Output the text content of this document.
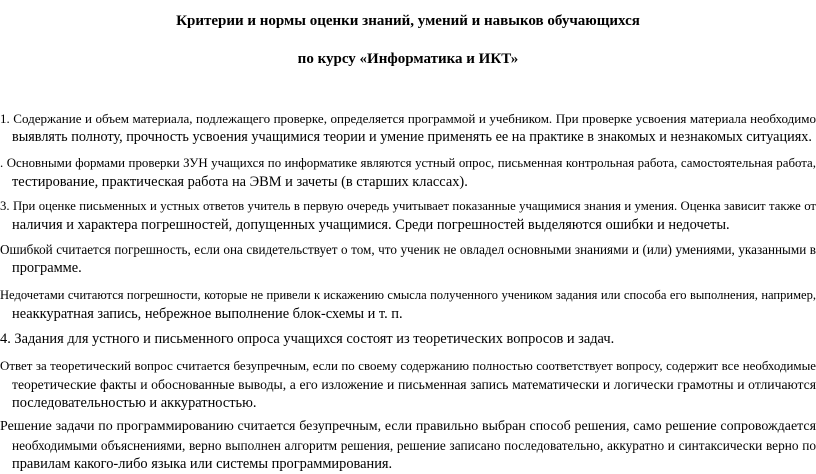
Критерии и нормы оценки знаний, умений и навыков обучающихся
по курсу «Информатика и ИКТ»
1. Содержание и объем материала, подлежащего проверке, определяется программой и учебником. При проверке усвоения материала необходимо
выявлять полноту, прочность усвоения учащимися теории и умение применять ее на практике в знакомых и незнакомых ситуациях.
. Основными формами проверки ЗУН учащихся по информатике являются устный опрос, письменная контрольная работа, самостоятельная работа,
тестирование, практическая работа на ЭВМ и зачеты (в старших классах).
3. При оценке письменных и устных ответов учитель в первую очередь учитывает показанные учащимися знания и умения. Оценка зависит также от
наличия и характера погрешностей, допущенных учащимися. Среди погрешностей выделяются ошибки и недочеты.
Ошибкой считается погрешность, если она свидетельствует о том, что ученик не овладел основными знаниями и (или) умениями, указанными в
программе.
Недочетами считаются погрешности, которые не привели к искажению смысла полученного учеником задания или способа его выполнения, например,
неаккуратная запись, небрежное выполнение блок-схемы и т. п.
4. Задания для устного и письменного опроса учащихся состоят из теоретических вопросов и задач.
Ответ за теоретический вопрос считается безупречным, если по своему содержанию полностью соответствует вопросу, содержит все необходимые
теоретические факты и обоснованные выводы, а его изложение и письменная запись математически и логически грамотны и отличаются
последовательностью и аккуратностью.
Решение задачи по программированию считается безупречным, если правильно выбран способ решения, само решение сопровождается
необходимыми объяснениями, верно выполнен алгоритм решения, решение записано последовательно, аккуратно и синтаксически верно по
правилам какого-либо языка или системы программирования.
